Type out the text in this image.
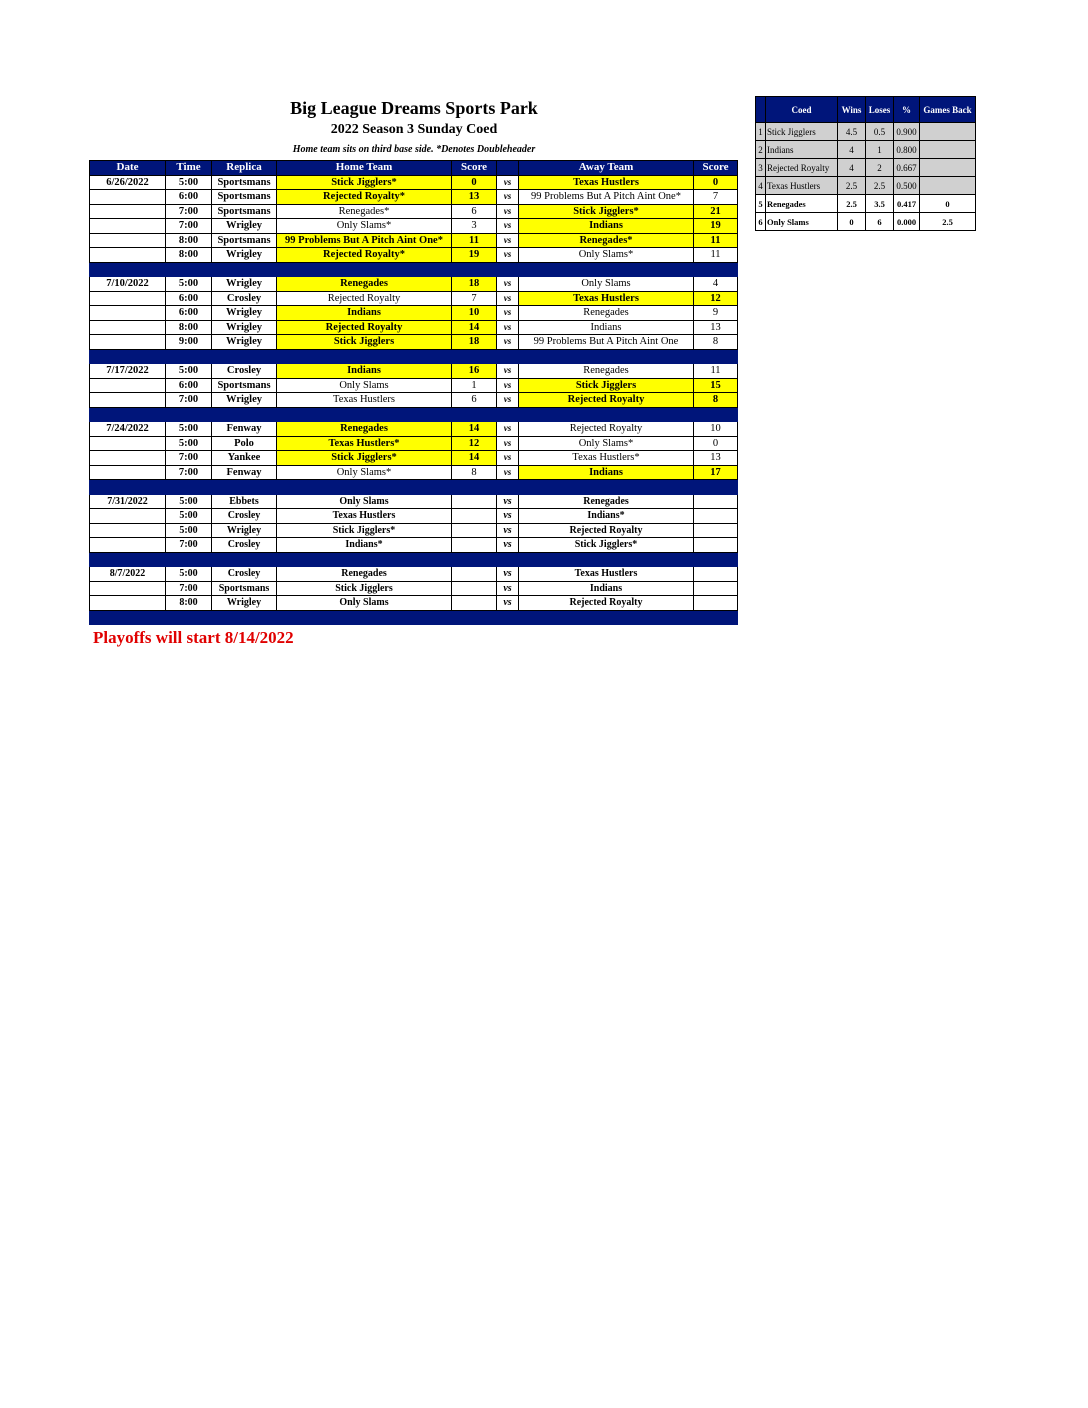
Big League Dreams Sports Park
2022 Season 3 Sunday Coed
Home team sits on third base side. *Denotes Doubleheader
Date	Time	Replica	Home Team	Score		Away Team	Score
6/26/2022	5:00	Sportsmans	Stick Jigglers*	0	vs	Texas Hustlers	0
	6:00	Sportsmans	Rejected Royalty*	13	vs	99 Problems But A Pitch Aint One*	7
	7:00	Sportsmans	Renegades*	6	vs	Stick Jigglers*	21
	7:00	Wrigley	Only Slams*	3	vs	Indians	19
	8:00	Sportsmans	99 Problems But A Pitch Aint One*	11	vs	Renegades*	11
	8:00	Wrigley	Rejected Royalty*	19	vs	Only Slams*	11

7/10/2022	5:00	Wrigley	Renegades	18	vs	Only Slams	4
	6:00	Crosley	Rejected Royalty	7	vs	Texas Hustlers	12
	6:00	Wrigley	Indians	10	vs	Renegades	9
	8:00	Wrigley	Rejected Royalty	14	vs	Indians	13
	9:00	Wrigley	Stick Jigglers	18	vs	99 Problems But A Pitch Aint One	8

7/17/2022	5:00	Crosley	Indians	16	vs	Renegades	11
	6:00	Sportsmans	Only Slams	1	vs	Stick Jigglers	15
	7:00	Wrigley	Texas Hustlers	6	vs	Rejected Royalty	8

7/24/2022	5:00	Fenway	Renegades	14	vs	Rejected Royalty	10
	5:00	Polo	Texas Hustlers*	12	vs	Only Slams*	0
	7:00	Yankee	Stick Jigglers*	14	vs	Texas Hustlers*	13
	7:00	Fenway	Only Slams*	8	vs	Indians	17

7/31/2022	5:00	Ebbets	Only Slams		vs	Renegades	
	5:00	Crosley	Texas Hustlers		vs	Indians*	
	5:00	Wrigley	Stick Jigglers*		vs	Rejected Royalty	
	7:00	Crosley	Indians*		vs	Stick Jigglers*	

8/7/2022	5:00	Crosley	Renegades		vs	Texas Hustlers	
	7:00	Sportsmans	Stick Jigglers		vs	Indians	
	8:00	Wrigley	Only Slams		vs	Rejected Royalty	

Playoffs will start 8/14/2022
	Coed	Wins	Loses	%	Games Back
1	Stick Jigglers	4.5	0.5	0.900	
2	Indians	4	1	0.800	
3	Rejected Royalty	4	2	0.667	
4	Texas Hustlers	2.5	2.5	0.500	
5	Renegades	2.5	3.5	0.417	0
6	Only Slams	0	6	0.000	2.5
